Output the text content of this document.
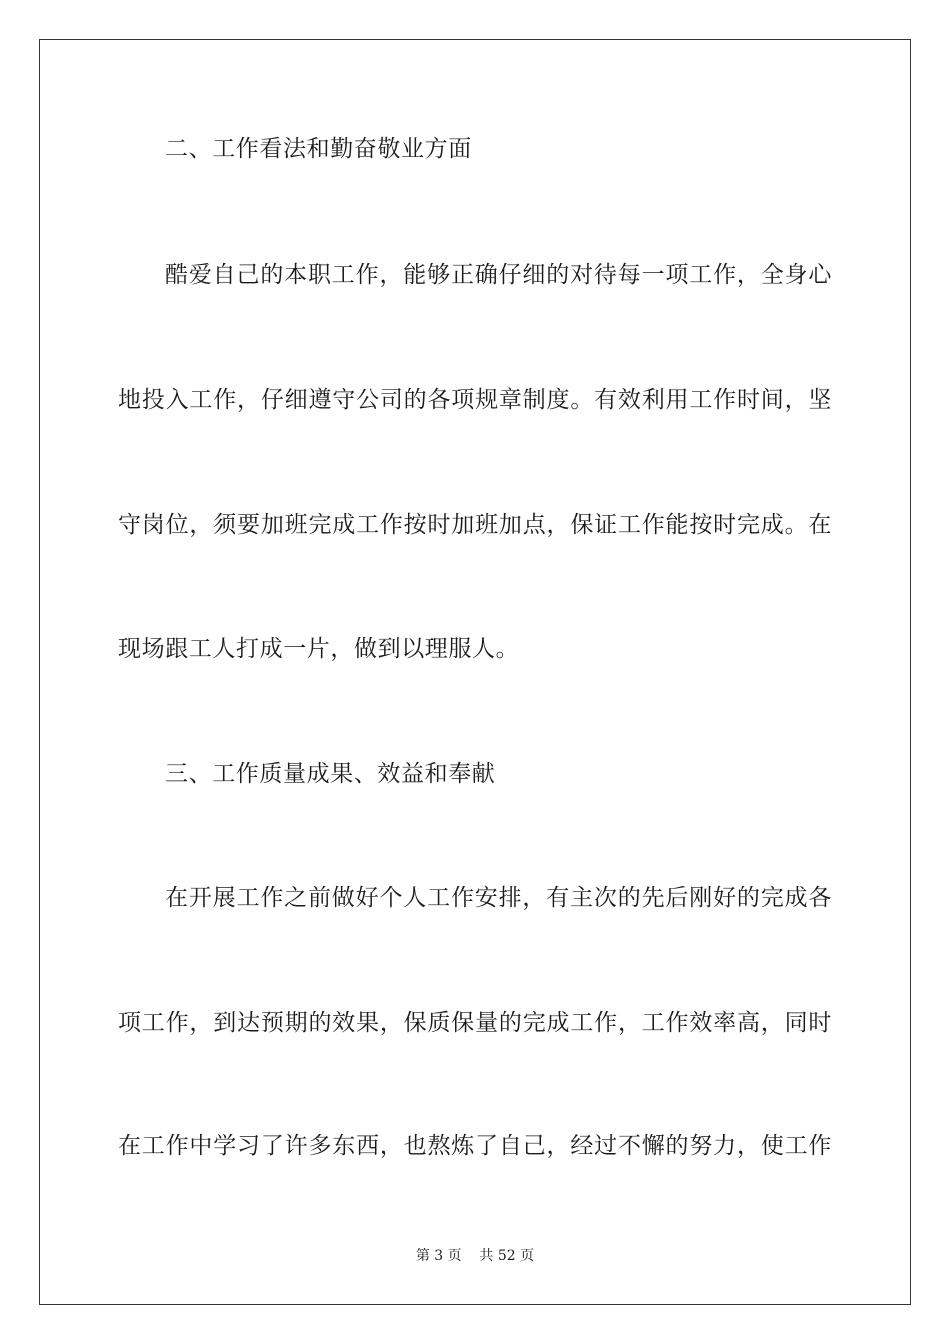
二、工作看法和勤奋敬业方面
酷爱自己的本职工作，能够正确仔细的对待每一项工作，全身心
地投入工作，仔细遵守公司的各项规章制度。有效利用工作时间，坚
守岗位，须要加班完成工作按时加班加点，保证工作能按时完成。在
现场跟工人打成一片，做到以理服人。
三、工作质量成果、效益和奉献
在开展工作之前做好个人工作安排，有主次的先后刚好的完成各
项工作，到达预期的效果，保质保量的完成工作，工作效率高，同时
在工作中学习了许多东西，也熬炼了自己，经过不懈的努力，使工作
第 3 页    共 52 页
